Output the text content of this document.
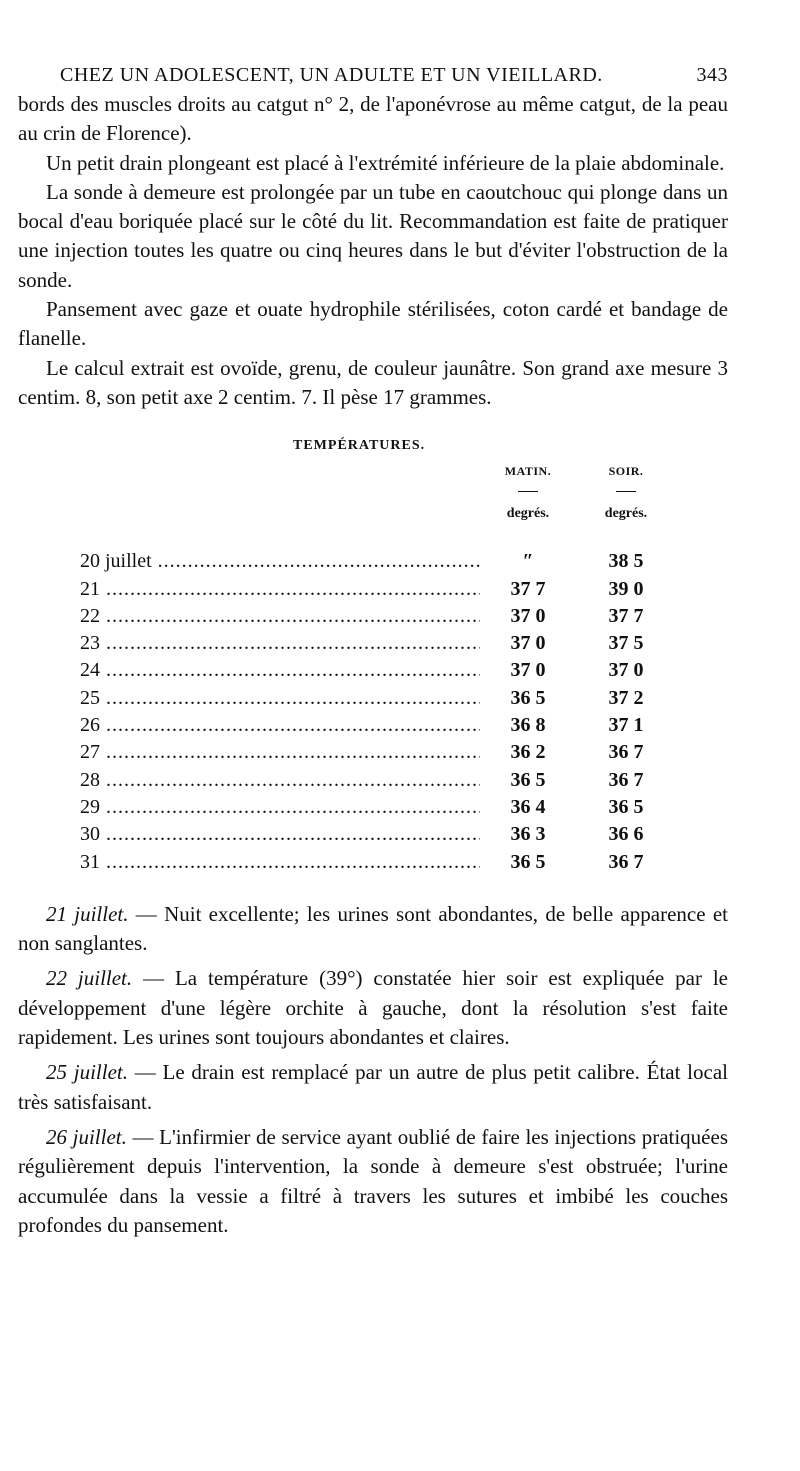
CHEZ UN ADOLESCENT, UN ADULTE ET UN VIEILLARD.	343

bords des muscles droits au catgut n° 2, de l'aponévrose au même catgut, de la peau au crin de Florence).

Un petit drain plongeant est placé à l'extrémité inférieure de la plaie abdominale.

La sonde à demeure est prolongée par un tube en caoutchouc qui plonge dans un bocal d'eau boriquée placé sur le côté du lit. Recommandation est faite de pratiquer une injection toutes les quatre ou cinq heures dans le but d'éviter l'obstruction de la sonde.

Pansement avec gaze et ouate hydrophile stérilisées, coton cardé et bandage de flanelle.

Le calcul extrait est ovoïde, grenu, de couleur jaunâtre. Son grand axe mesure 3 centim. 8, son petit axe 2 centim. 7. Il pèse 17 grammes.

TEMPÉRATURES.
MATIN.
degrés.
SOIR.
degrés.
20 juillet .....	″	38 5
21 .....	37 7	39 0
22 .....	37 0	37 7
23 .....	37 0	37 5
24 .....	37 0	37 0
25 .....	36 5	37 2
26 .....	36 8	37 1
27 .....	36 2	36 7
28 .....	36 5	36 7
29 .....	36 4	36 5
30 .....	36 3	36 6
31 .....	36 5	36 7

21 juillet. — Nuit excellente; les urines sont abondantes, de belle apparence et non sanglantes.

22 juillet. — La température (39°) constatée hier soir est expliquée par le développement d'une légère orchite à gauche, dont la résolution s'est faite rapidement. Les urines sont toujours abondantes et claires.

25 juillet. — Le drain est remplacé par un autre de plus petit calibre. État local très satisfaisant.

26 juillet. — L'infirmier de service ayant oublié de faire les injections pratiquées régulièrement depuis l'intervention, la sonde à demeure s'est obstruée; l'urine accumulée dans la vessie a filtré à travers les sutures et imbibé les couches profondes du pansement.
